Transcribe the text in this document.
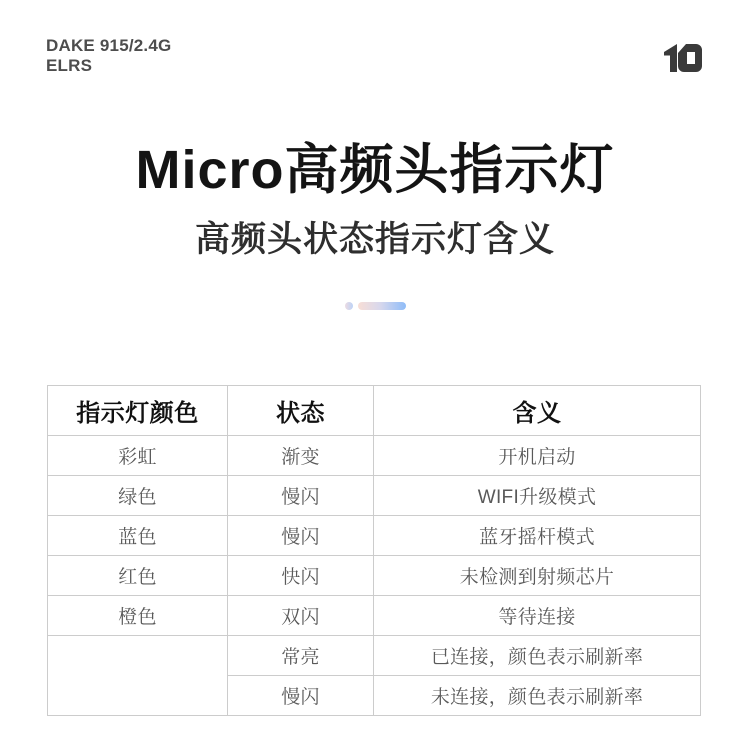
DAKE 915/2.4G
ELRS
Micro高频头指示灯
高频头状态指示灯含义
指示灯颜色	状态	含义
彩虹	渐变	开机启动
绿色	慢闪	WIFI升级模式
蓝色	慢闪	蓝牙摇杆模式
红色	快闪	未检测到射频芯片
橙色	双闪	等待连接
	常亮	已连接，颜色表示刷新率
	慢闪	未连接，颜色表示刷新率
